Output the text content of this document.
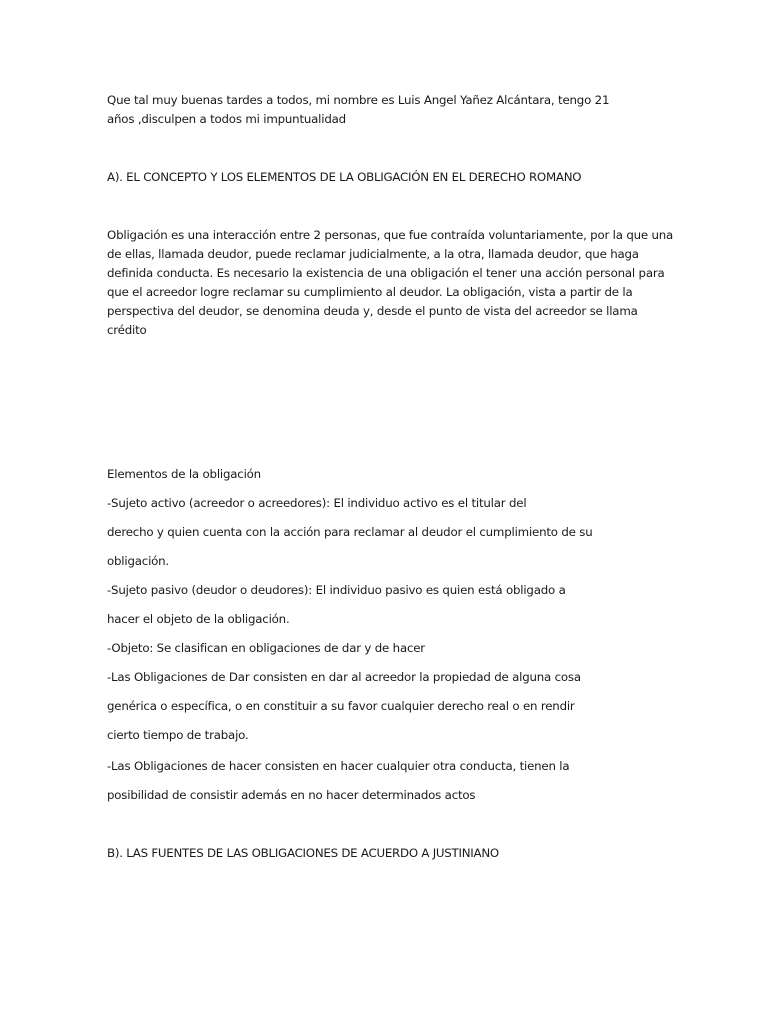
Que tal muy buenas tardes a todos, mi nombre es Luis Angel Yañez Alcántara, tengo 21
años ,disculpen a todos mi impuntualidad
A). EL CONCEPTO Y LOS ELEMENTOS DE LA OBLIGACIÓN EN EL DERECHO ROMANO
Obligación es una interacción entre 2 personas, que fue contraída voluntariamente, por la que una
de ellas, llamada deudor, puede reclamar judicialmente, a la otra, llamada deudor, que haga
definida conducta. Es necesario la existencia de una obligación el tener una acción personal para
que el acreedor logre reclamar su cumplimiento al deudor. La obligación, vista a partir de la
perspectiva del deudor, se denomina deuda y, desde el punto de vista del acreedor se llama
crédito
Elementos de la obligación
-Sujeto activo (acreedor o acreedores): El individuo activo es el titular del
derecho y quien cuenta con la acción para reclamar al deudor el cumplimiento de su
obligación.
-Sujeto pasivo (deudor o deudores): El individuo pasivo es quien está obligado a
hacer el objeto de la obligación.
-Objeto: Se clasifican en obligaciones de dar y de hacer
-Las Obligaciones de Dar consisten en dar al acreedor la propiedad de alguna cosa
genérica o específica, o en constituir a su favor cualquier derecho real o en rendir
cierto tiempo de trabajo.
-Las Obligaciones de hacer consisten en hacer cualquier otra conducta, tienen la
posibilidad de consistir además en no hacer determinados actos
B). LAS FUENTES DE LAS OBLIGACIONES DE ACUERDO A JUSTINIANO
